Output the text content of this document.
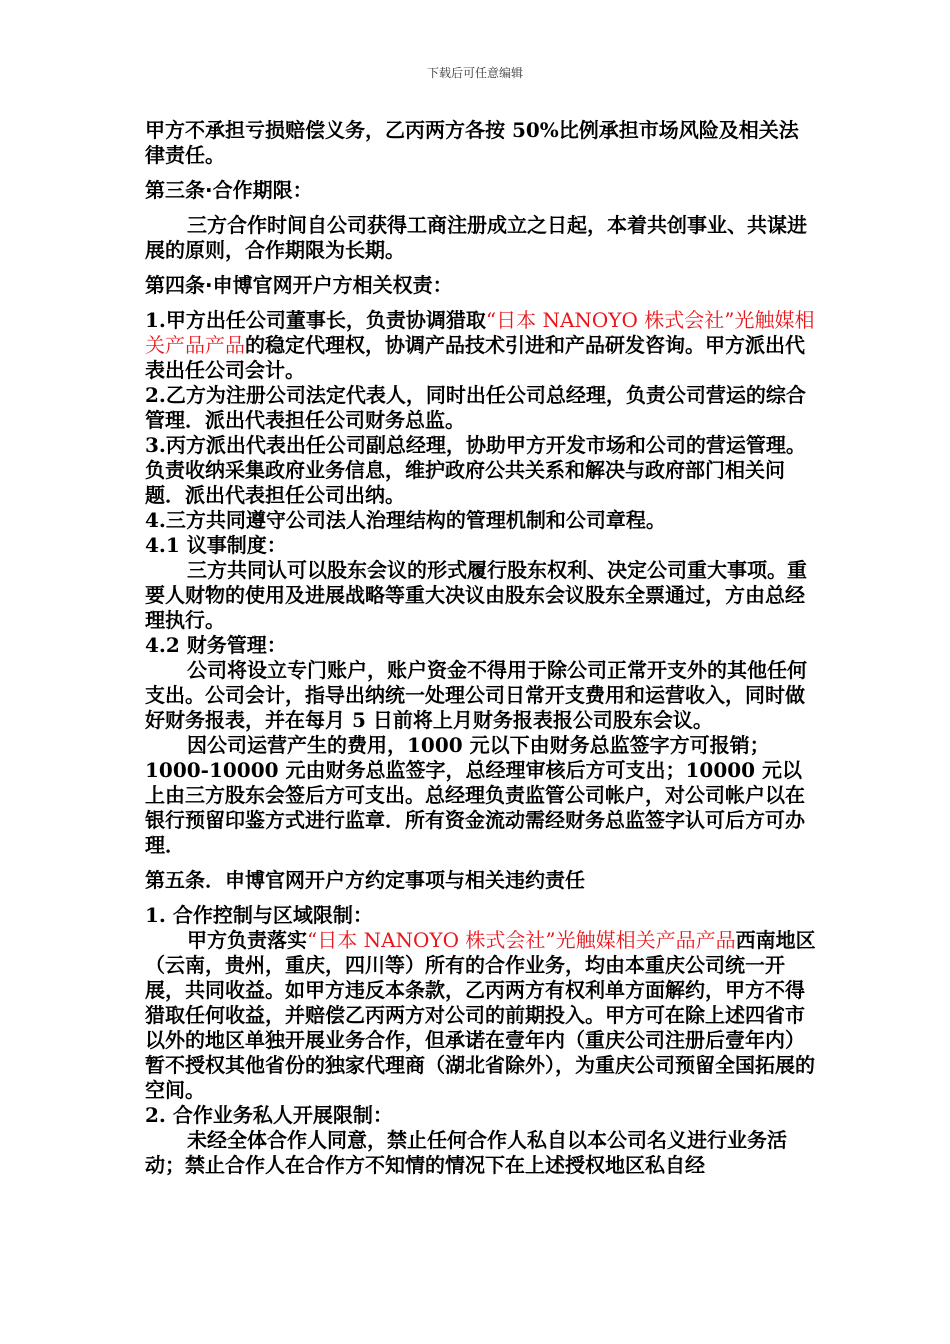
下载后可任意编辑

甲方不承担亏损赔偿义务，乙丙两方各按 50%比例承担市场风险及相关法律责任。

第三条·合作期限：

三方合作时间自公司获得工商注册成立之日起，本着共创事业、共谋进展的原则，合作期限为长期。

第四条·申博官网开户方相关权责：

1.甲方出任公司董事长，负责协调猎取“日本 NANOYO 株式会社”光触媒相关产品产品的稳定代理权，协调产品技术引进和产品研发咨询。甲方派出代表出任公司会计。

2.乙方为注册公司法定代表人，同时出任公司总经理，负责公司营运的综合管理．派出代表担任公司财务总监。

3.丙方派出代表出任公司副总经理，协助甲方开发市场和公司的营运管理。负责收纳采集政府业务信息，维护政府公共关系和解决与政府部门相关问题．派出代表担任公司出纳。

4.三方共同遵守公司法人治理结构的管理机制和公司章程。

4.1 议事制度：

三方共同认可以股东会议的形式履行股东权利、决定公司重大事项。重要人财物的使用及进展战略等重大决议由股东会议股东全票通过，方由总经理执行。

4.2 财务管理：

公司将设立专门账户，账户资金不得用于除公司正常开支外的其他任何支出。公司会计，指导出纳统一处理公司日常开支费用和运营收入，同时做好财务报表，并在每月 5 日前将上月财务报表报公司股东会议。

因公司运营产生的费用，1000 元以下由财务总监签字方可报销；1000-10000 元由财务总监签字，总经理审核后方可支出；10000 元以上由三方股东会签后方可支出。总经理负责监管公司帐户，对公司帐户以在银行预留印鉴方式进行监章．所有资金流动需经财务总监签字认可后方可办理．

第五条．申博官网开户方约定事项与相关违约责任

1. 合作控制与区域限制：

甲方负责落实“日本 NANOYO 株式会社”光触媒相关产品产品西南地区（云南，贵州，重庆，四川等）所有的合作业务，均由本重庆公司统一开展，共同收益。如甲方违反本条款，乙丙两方有权利单方面解约，甲方不得猎取任何收益，并赔偿乙丙两方对公司的前期投入。甲方可在除上述四省市以外的地区单独开展业务合作，但承诺在壹年内（重庆公司注册后壹年内）暂不授权其他省份的独家代理商（湖北省除外），为重庆公司预留全国拓展的空间。

2. 合作业务私人开展限制：

未经全体合作人同意，禁止任何合作人私自以本公司名义进行业务活动；禁止合作人在合作方不知情的情况下在上述授权地区私自经
